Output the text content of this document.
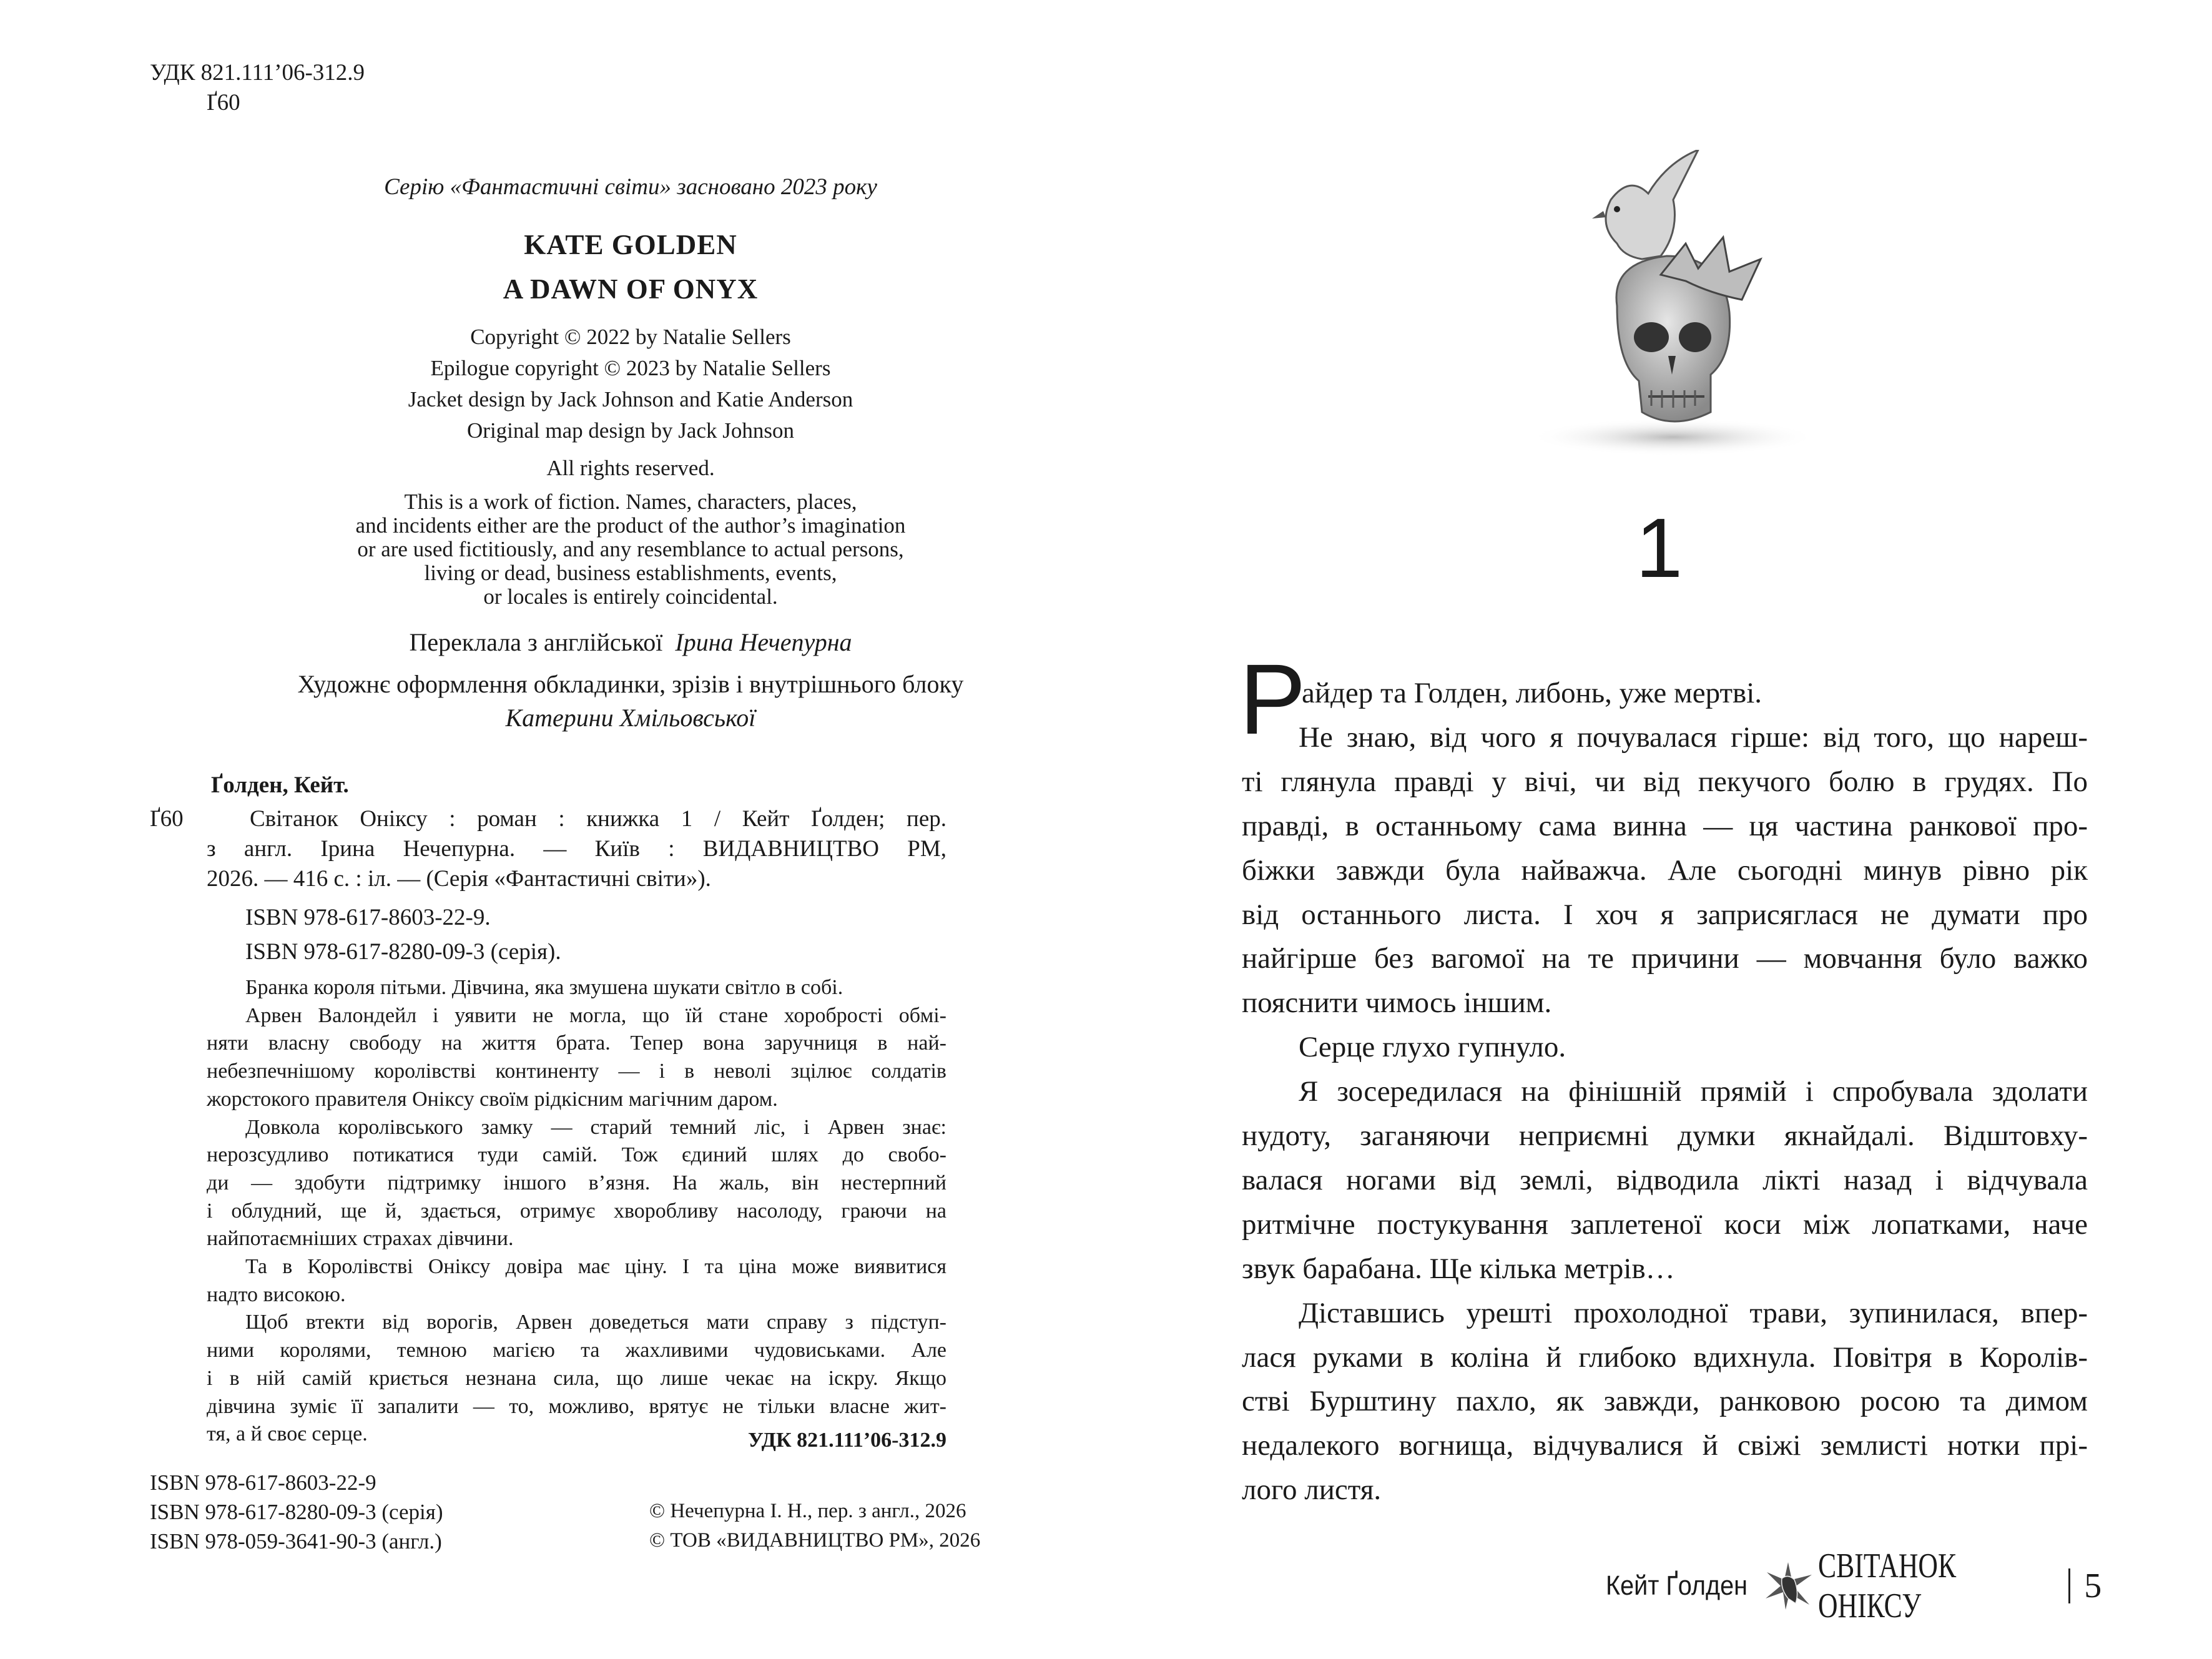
УДК 821.111’06-312.9
Ґ60
Серію «Фантастичні світи» засновано 2023 року
KATE GOLDEN
A DAWN OF ONYX
Copyright © 2022 by Natalie Sellers
Epilogue copyright © 2023 by Natalie Sellers
Jacket design by Jack Johnson and Katie Anderson
Original map design by Jack Johnson
All rights reserved.
This is a work of fiction. Names, characters, places,
and incidents either are the product of the author’s imagination
or are used fictitiously, and any resemblance to actual persons,
living or dead, business establishments, events,
or locales is entirely coincidental.
Переклала з англійської Ірина Нечепурна
Художнє оформлення обкладинки, зрізів і внутрішнього блоку
Катерини Хмільовської
Ґолден, Кейт.
Ґ60	Світанок Оніксу : роман : книжка 1 / Кейт Ґолден; пер.
з англ. Ірина Нечепурна. — Київ : ВИДАВНИЦТВО РМ,
2026. — 416 с. : іл. — (Серія «Фантастичні світи»).
ISBN 978-617-8603-22-9.
ISBN 978-617-8280-09-3 (серія).
Бранка короля пітьми. Дівчина, яка змушена шукати світло в собі.
Арвен Валондейл і уявити не могла, що їй стане хоробрості обмі-
няти власну свободу на життя брата. Тепер вона заручниця в най-
небезпечнішому королівстві континенту — і в неволі зцілює солдатів
жорстокого правителя Оніксу своїм рідкісним магічним даром.
Довкола королівського замку — старий темний ліс, і Арвен знає:
нерозсудливо потикатися туди самій. Тож єдиний шлях до свобо-
ди — здобути підтримку іншого в’язня. На жаль, він нестерпний
і облудний, ще й, здається, отримує хворобливу насолоду, граючи на
найпотаємніших страхах дівчини.
Та в Королівстві Оніксу довіра має ціну. І та ціна може виявитися
надто високою.
Щоб втекти від ворогів, Арвен доведеться мати справу з підступ-
ними королями, темною магією та жахливими чудовиськами. Але
і в ній самій криється незнана сила, що лише чекає на іскру. Якщо
дівчина зуміє її запалити — то, можливо, врятує не тільки власне жит-
тя, а й своє серце.	УДК 821.111’06-312.9
ISBN 978-617-8603-22-9
ISBN 978-617-8280-09-3 (серія)
ISBN 978-059-3641-90-3 (англ.)
© Нечепурна І. Н., пер. з англ., 2026
© ТОВ «ВИДАВНИЦТВО РМ», 2026
1
Р
айдер та Голден, либонь, уже мертві.
Не знаю, від чого я почувалася гірше: від того, що нареш-
ті глянула правді у вічі, чи від пекучого болю в грудях. По
правді, в останньому сама винна — ця частина ранкової про-
біжки завжди була найважча. Але сьогодні минув рівно рік
від останнього листа. І хоч я заприсяглася не думати про
найгірше без вагомої на те причини — мовчання було важко
пояснити чимось іншим.
Серце глухо гупнуло.
Я зосередилася на фінішній прямій і спробувала здолати
нудоту, заганяючи неприємні думки якнайдалі. Відштовху-
валася ногами від землі, відводила лікті назад і відчувала
ритмічне постукування заплетеної коси між лопатками, наче
звук барабана. Ще кілька метрів…
Діставшись урешті прохолодної трави, зупинилася, впер-
лася руками в коліна й глибоко вдихнула. Повітря в Королів-
стві Бурштину пахло, як завжди, ранковою росою та димом
недалекого вогнища, відчувалися й свіжі землисті нотки прі-
лого листя.
Кейт Ґолден
СВІТАНОК ОНІКСУ
5
